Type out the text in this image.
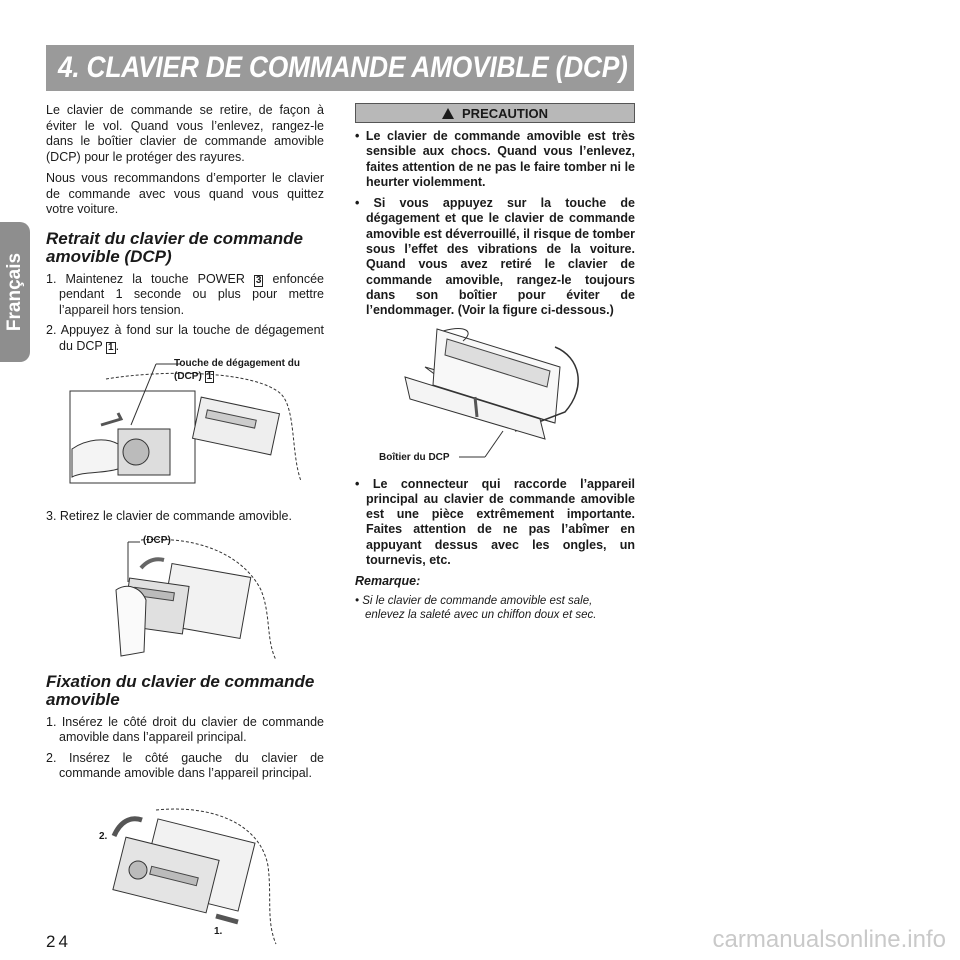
4. CLAVIER DE COMMANDE AMOVIBLE (DCP)
Français

Le clavier de commande se retire, de façon à éviter le vol. Quand vous l’enlevez, rangez-le dans le boîtier clavier de commande amovible (DCP) pour le protéger des rayures.

Nous vous recommandons d’emporter le clavier de commande avec vous quand vous quittez votre voiture.

Retrait du clavier de commande amovible (DCP)
1. Maintenez la touche POWER 3 enfoncée pendant 1 seconde ou plus pour mettre l’appareil hors tension.
2. Appuyez à fond sur la touche de dégagement du DCP 1 .
Touche de dégagement du
(DCP) 1
3. Retirez le clavier de commande amovible.
(DCP)
Fixation du clavier de commande amovible
1. Insérez le côté droit du clavier de commande amovible dans l’appareil principal.
2. Insérez le côté gauche du clavier de commande amovible dans l’appareil principal.
2.
1.
PRECAUTION
• Le clavier de commande amovible est très sensible aux chocs. Quand vous l’enlevez, faites attention de ne pas le faire tomber ni le heurter violemment.
• Si vous appuyez sur la touche de dégagement et que le clavier de commande amovible est déverrouillé, il risque de tomber sous l’effet des vibrations de la voiture. Quand vous avez retiré le clavier de commande amovible, rangez-le toujours dans son boîtier pour éviter de l’endommager. (Voir la figure ci-dessous.)
Boîtier du DCP
• Le connecteur qui raccorde l’appareil principal au clavier de commande amovible est une pièce extrêmement importante. Faites attention de ne pas l’abîmer en appuyant dessus avec les ongles, un tournevis, etc.
Remarque:
• Si le clavier de commande amovible est sale, enlevez la saleté avec un chiffon doux et sec.
24	carmanualsonline.info
